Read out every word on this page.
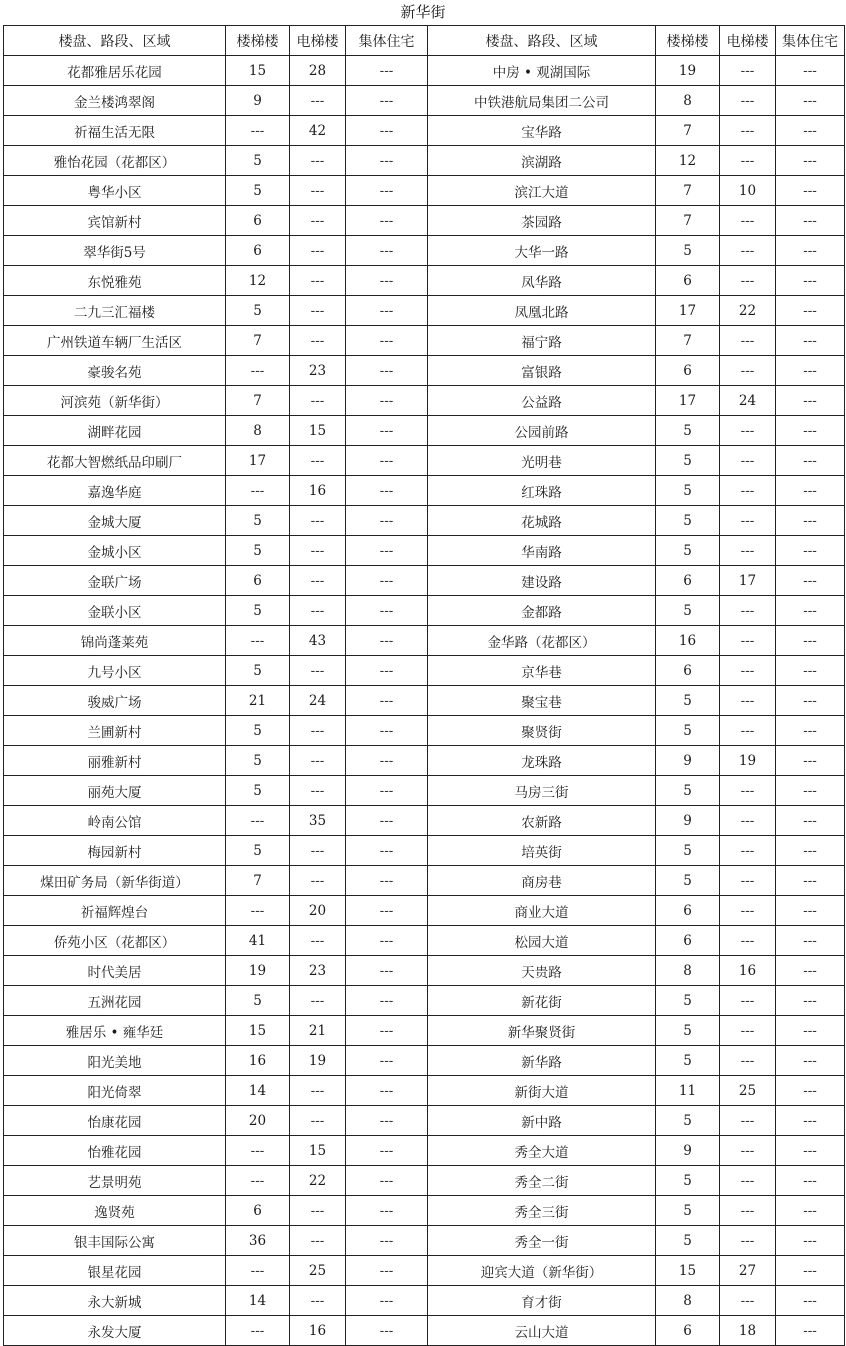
新华街
楼盘、路段、区域	楼梯楼	电梯楼	集体住宅	楼盘、路段、区域	楼梯楼	电梯楼	集体住宅
花都雅居乐花园	15	28	---	中房 • 观湖国际	19	---	---
金兰楼鸿翠阁	9	---	---	中铁港航局集团二公司	8	---	---
祈福生活无限	---	42	---	宝华路	7	---	---
雅怡花园（花都区）	5	---	---	滨湖路	12	---	---
粤华小区	5	---	---	滨江大道	7	10	---
宾馆新村	6	---	---	茶园路	7	---	---
翠华街5号	6	---	---	大华一路	5	---	---
东悦雅苑	12	---	---	凤华路	6	---	---
二九三汇福楼	5	---	---	凤凰北路	17	22	---
广州铁道车辆厂生活区	7	---	---	福宁路	7	---	---
豪骏名苑	---	23	---	富银路	6	---	---
河滨苑（新华街）	7	---	---	公益路	17	24	---
湖畔花园	8	15	---	公园前路	5	---	---
花都大智燃纸品印刷厂	17	---	---	光明巷	5	---	---
嘉逸华庭	---	16	---	红珠路	5	---	---
金城大厦	5	---	---	花城路	5	---	---
金城小区	5	---	---	华南路	5	---	---
金联广场	6	---	---	建设路	6	17	---
金联小区	5	---	---	金都路	5	---	---
锦尚蓬莱苑	---	43	---	金华路（花都区）	16	---	---
九号小区	5	---	---	京华巷	6	---	---
骏威广场	21	24	---	聚宝巷	5	---	---
兰圃新村	5	---	---	聚贤街	5	---	---
丽雅新村	5	---	---	龙珠路	9	19	---
丽苑大厦	5	---	---	马房三街	5	---	---
岭南公馆	---	35	---	农新路	9	---	---
梅园新村	5	---	---	培英街	5	---	---
煤田矿务局（新华街道）	7	---	---	商房巷	5	---	---
祈福辉煌台	---	20	---	商业大道	6	---	---
侨苑小区（花都区）	41	---	---	松园大道	6	---	---
时代美居	19	23	---	天贵路	8	16	---
五洲花园	5	---	---	新花街	5	---	---
雅居乐 • 雍华廷	15	21	---	新华聚贤街	5	---	---
阳光美地	16	19	---	新华路	5	---	---
阳光倚翠	14	---	---	新街大道	11	25	---
怡康花园	20	---	---	新中路	5	---	---
怡雅花园	---	15	---	秀全大道	9	---	---
艺景明苑	---	22	---	秀全二街	5	---	---
逸贤苑	6	---	---	秀全三街	5	---	---
银丰国际公寓	36	---	---	秀全一街	5	---	---
银星花园	---	25	---	迎宾大道（新华街）	15	27	---
永大新城	14	---	---	育才街	8	---	---
永发大厦	---	16	---	云山大道	6	18	---
